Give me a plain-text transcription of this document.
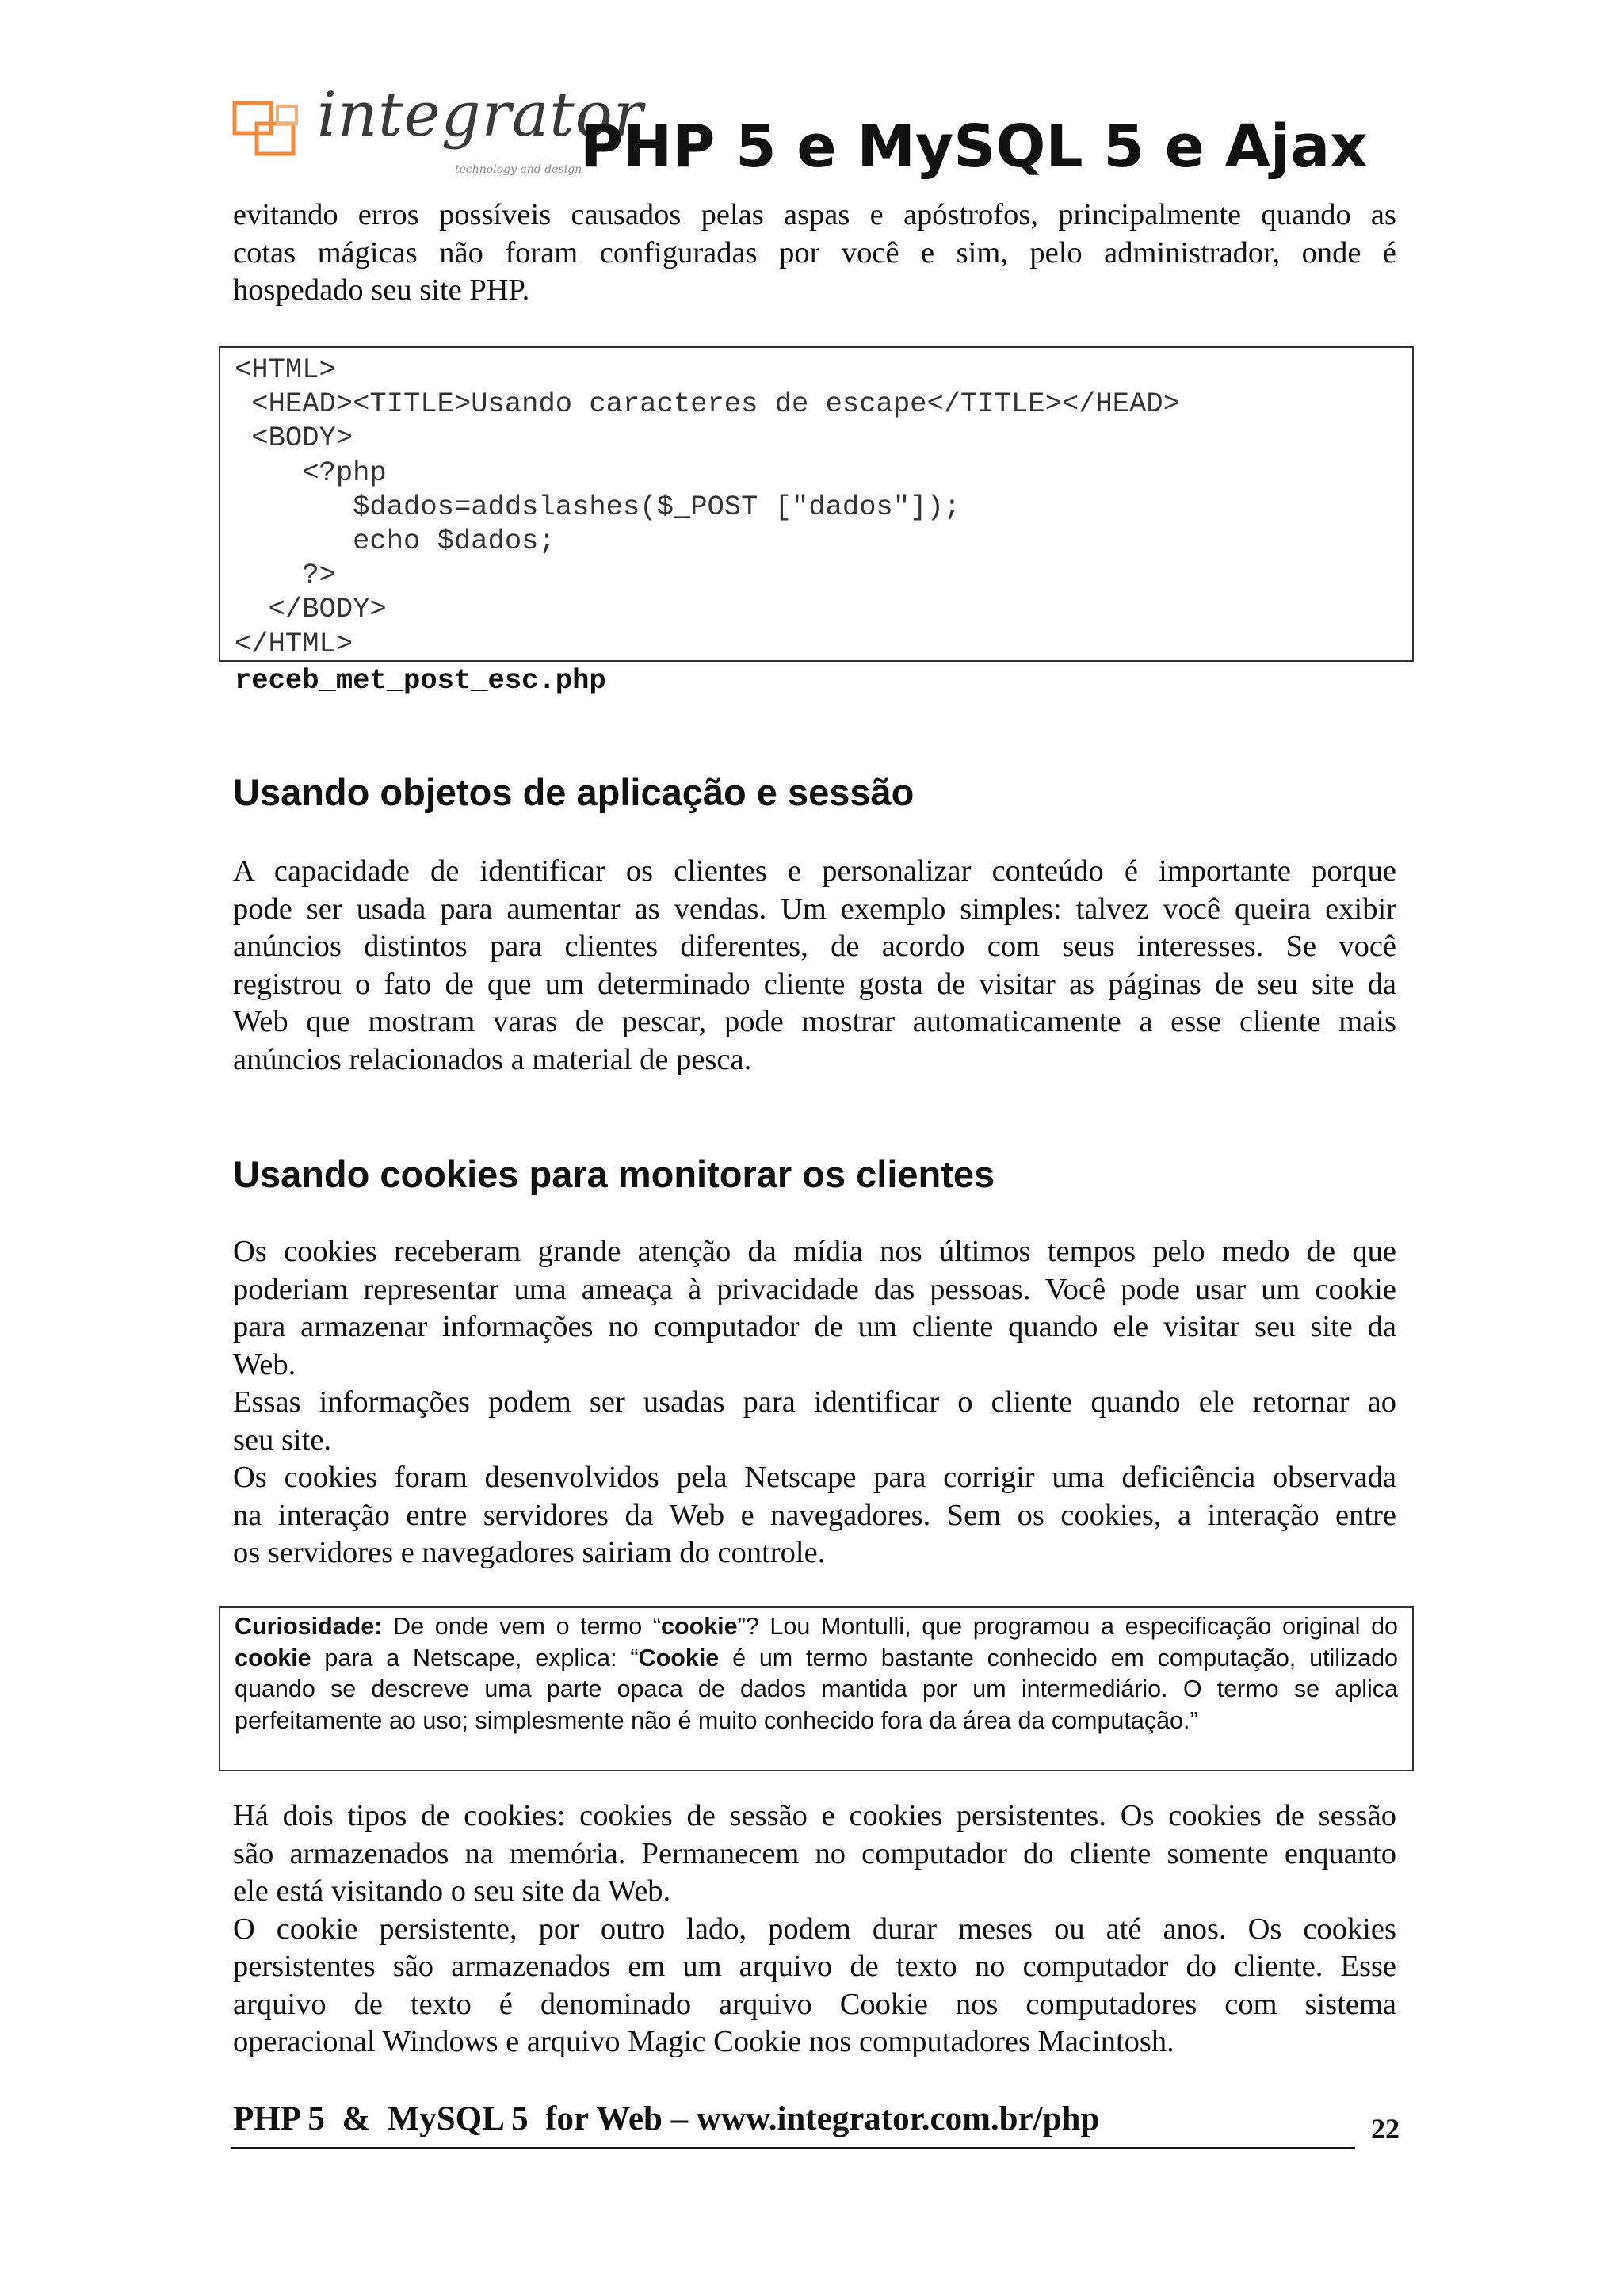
integrator
technology and design
PHP 5 e MySQL 5 e Ajax
evitando erros possíveis causados pelas aspas e apóstrofos, principalmente quando as
cotas mágicas não foram configuradas por você e sim, pelo administrador, onde é
hospedado seu site PHP.
<HTML>
<HEAD><TITLE>Usando caracteres de escape</TITLE></HEAD>
<BODY>
<?php
$dados=addslashes($_POST ["dados"]);
echo $dados;
?>
</BODY>
</HTML>
receb_met_post_esc.php
Usando objetos de aplicação e sessão
A capacidade de identificar os clientes e personalizar conteúdo é importante porque
pode ser usada para aumentar as vendas. Um exemplo simples: talvez você queira exibir
anúncios distintos para clientes diferentes, de acordo com seus interesses. Se você
registrou o fato de que um determinado cliente gosta de visitar as páginas de seu site da
Web que mostram varas de pescar, pode mostrar automaticamente a esse cliente mais
anúncios relacionados a material de pesca.
Usando cookies para monitorar os clientes
Os cookies receberam grande atenção da mídia nos últimos tempos pelo medo de que
poderiam representar uma ameaça à privacidade das pessoas. Você pode usar um cookie
para armazenar informações no computador de um cliente quando ele visitar seu site da
Web.
Essas informações podem ser usadas para identificar o cliente quando ele retornar ao
seu site.
Os cookies foram desenvolvidos pela Netscape para corrigir uma deficiência observada
na interação entre servidores da Web e navegadores. Sem os cookies, a interação entre
os servidores e navegadores sairiam do controle.

Curiosidade: De onde vem o termo “cookie”? Lou Montulli, que programou a especificação original do cookie para a Netscape, explica: “Cookie é um termo bastante conhecido em computação, utilizado quando se descreve uma parte opaca de dados mantida por um intermediário. O termo se aplica perfeitamente ao uso; simplesmente não é muito conhecido fora da área da computação.”

Há dois tipos de cookies: cookies de sessão e cookies persistentes. Os cookies de sessão
são armazenados na memória. Permanecem no computador do cliente somente enquanto
ele está visitando o seu site da Web.
O cookie persistente, por outro lado, podem durar meses ou até anos. Os cookies
persistentes são armazenados em um arquivo de texto no computador do cliente. Esse
arquivo de texto é denominado arquivo Cookie nos computadores com sistema
operacional Windows e arquivo Magic Cookie nos computadores Macintosh.
PHP 5  &  MySQL 5  for Web – www.integrator.com.br/php	22
